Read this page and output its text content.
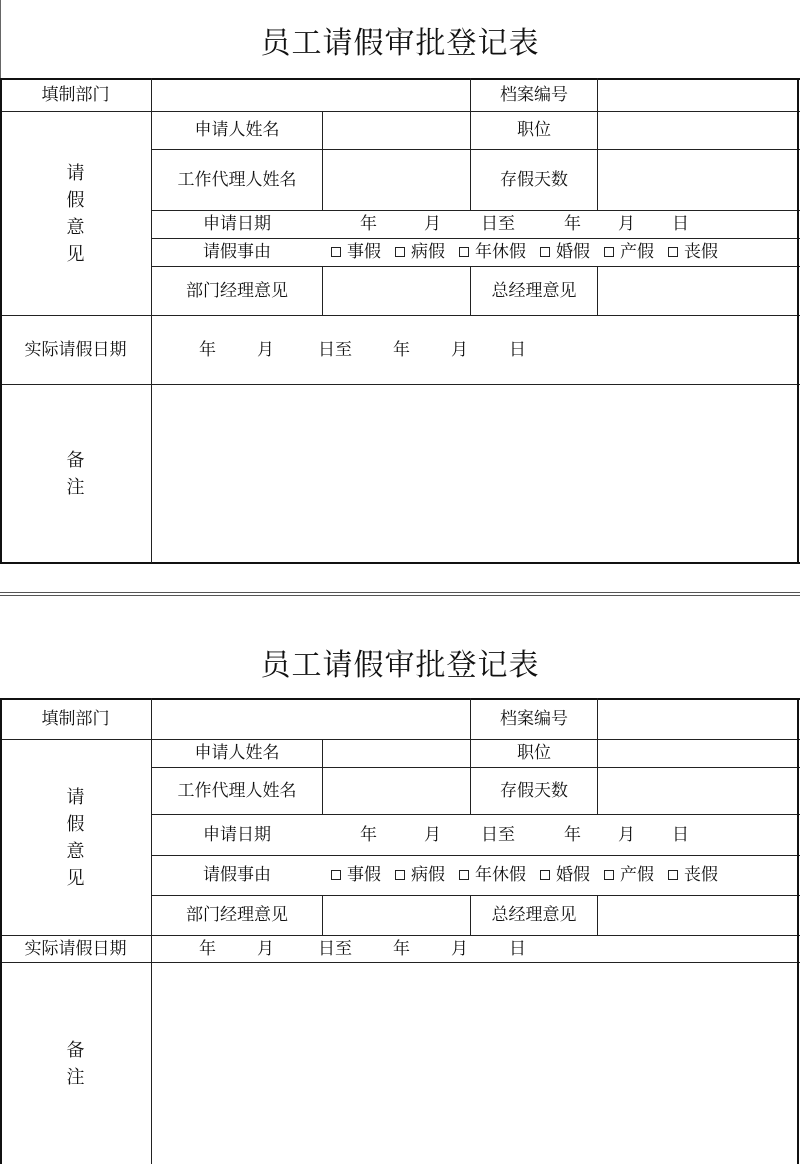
员工请假审批登记表
填制部门	档案编号
请
假
意
见
申请人姓名	职位
工作代理人姓名	存假天数
申请日期	年	月	日至	年	月	日
请假事由	事假 病假 年休假 婚假 产假 丧假
部门经理意见	总经理意见
实际请假日期	年	月	日至	年	月	日
备
注
员工请假审批登记表
填制部门	档案编号
请
假
意
见
申请人姓名	职位
工作代理人姓名	存假天数
申请日期	年	月	日至	年	月	日
请假事由	事假 病假 年休假 婚假 产假 丧假
部门经理意见	总经理意见
实际请假日期	年	月	日至	年	月	日
备
注
